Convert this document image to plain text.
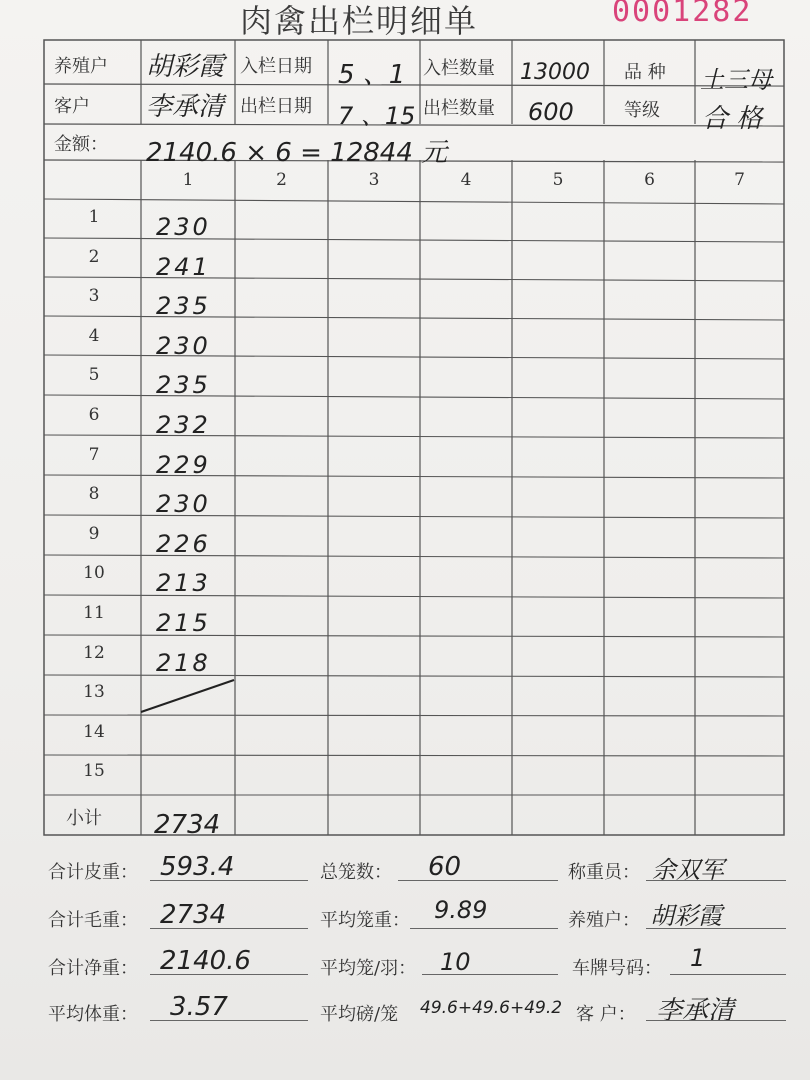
肉禽出栏明细单	0001282
养殖户 胡彩霞 入栏日期 5 、1 入栏数量 13000 品 种 土三母
客户 李承清 出栏日期 7 、15 出栏数量 600	等级 合 格
金额： 2140.6 × 6 = 12844 元
1	2	3	4	5	6	7
1	230
2	241
3	235
4	230
5	235
6	232
7	229
8	230
9	226
10	213
11	215
12	218
13
14
15
小计 2734
合计皮重： 593.4	总笼数： 60	称重员： 余双军
合计毛重： 2734	平均笼重： 9.89	养殖户： 胡彩霞
合计净重： 2140.6	平均笼/羽： 10	车牌号码： 1
平均体重： 3.57	平均磅/笼 49.6+49.6+49.2 客 户： 李承清
